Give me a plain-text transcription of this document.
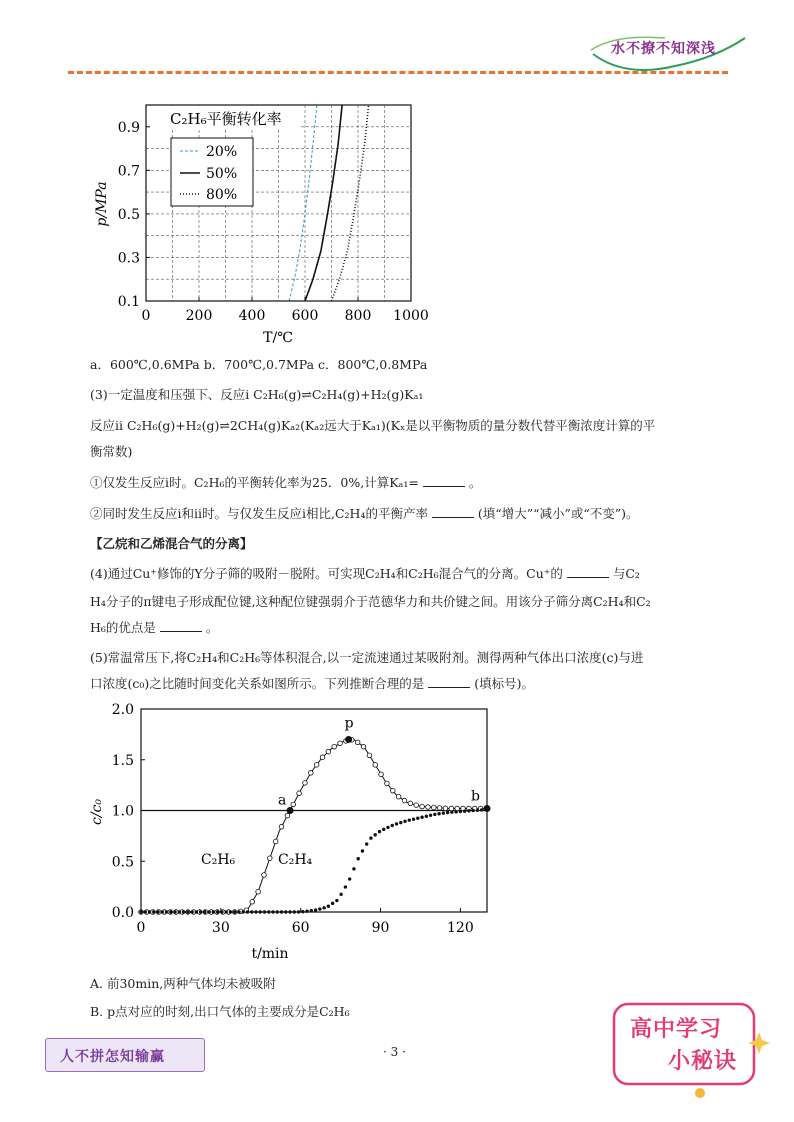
水不撩不知深浅
0.1
0.3
0.5
0.7
0.9
0	200 400 600 800 1000
p/MPa
T/℃
C₂H₆平衡转化率
20%
50%
80%
a．600℃,0.6MPa b．700℃,0.7MPa c．800℃,0.8MPa
(3)一定温度和压强下、反应ⅰ C₂H₆(g)⇌C₂H₄(g)+H₂(g)Kₐ₁
反应ⅱ C₂H₆(g)+H₂(g)⇌2CH₄(g)Kₐ₂(Kₐ₂远大于Kₐ₁)(Kₓ是以平衡物质的量分数代替平衡浓度计算的平
衡常数)
①仅发生反应ⅰ时。C₂H₆的平衡转化率为25．0%,计算Kₐ₁=	。
②同时发生反应ⅰ和ⅱ时。与仅发生反应ⅰ相比,C₂H₄的平衡产率	(填“增大”“减小”或“不变”)。
【乙烷和乙烯混合气的分离】
(4)通过Cu⁺修饰的Y分子筛的吸附－脱附。可实现C₂H₄和C₂H₆混合气的分离。Cu⁺的	与C₂
H₄分子的π键电子形成配位键,这种配位键强弱介于范德华力和共价键之间。用该分子筛分离C₂H₄和C₂
H₆的优点是	。
(5)常温常压下,将C₂H₄和C₂H₆等体积混合,以一定流速通过某吸附剂。测得两种气体出口浓度(c)与进
口浓度(c₀)之比随时间变化关系如图所示。下列推断合理的是	(填标号)。
0.0
0.5
1.0
1.5
2.0
0	30	60	90	120
c/c₀
t/min
C₂H₆	C₂H₄
a
p
b
A. 前30min,两种气体均未被吸附
B. p点对应的时刻,出口气体的主要成分是C₂H₆
人不拼怎知输赢	· 3 ·
高中学习
小秘诀
